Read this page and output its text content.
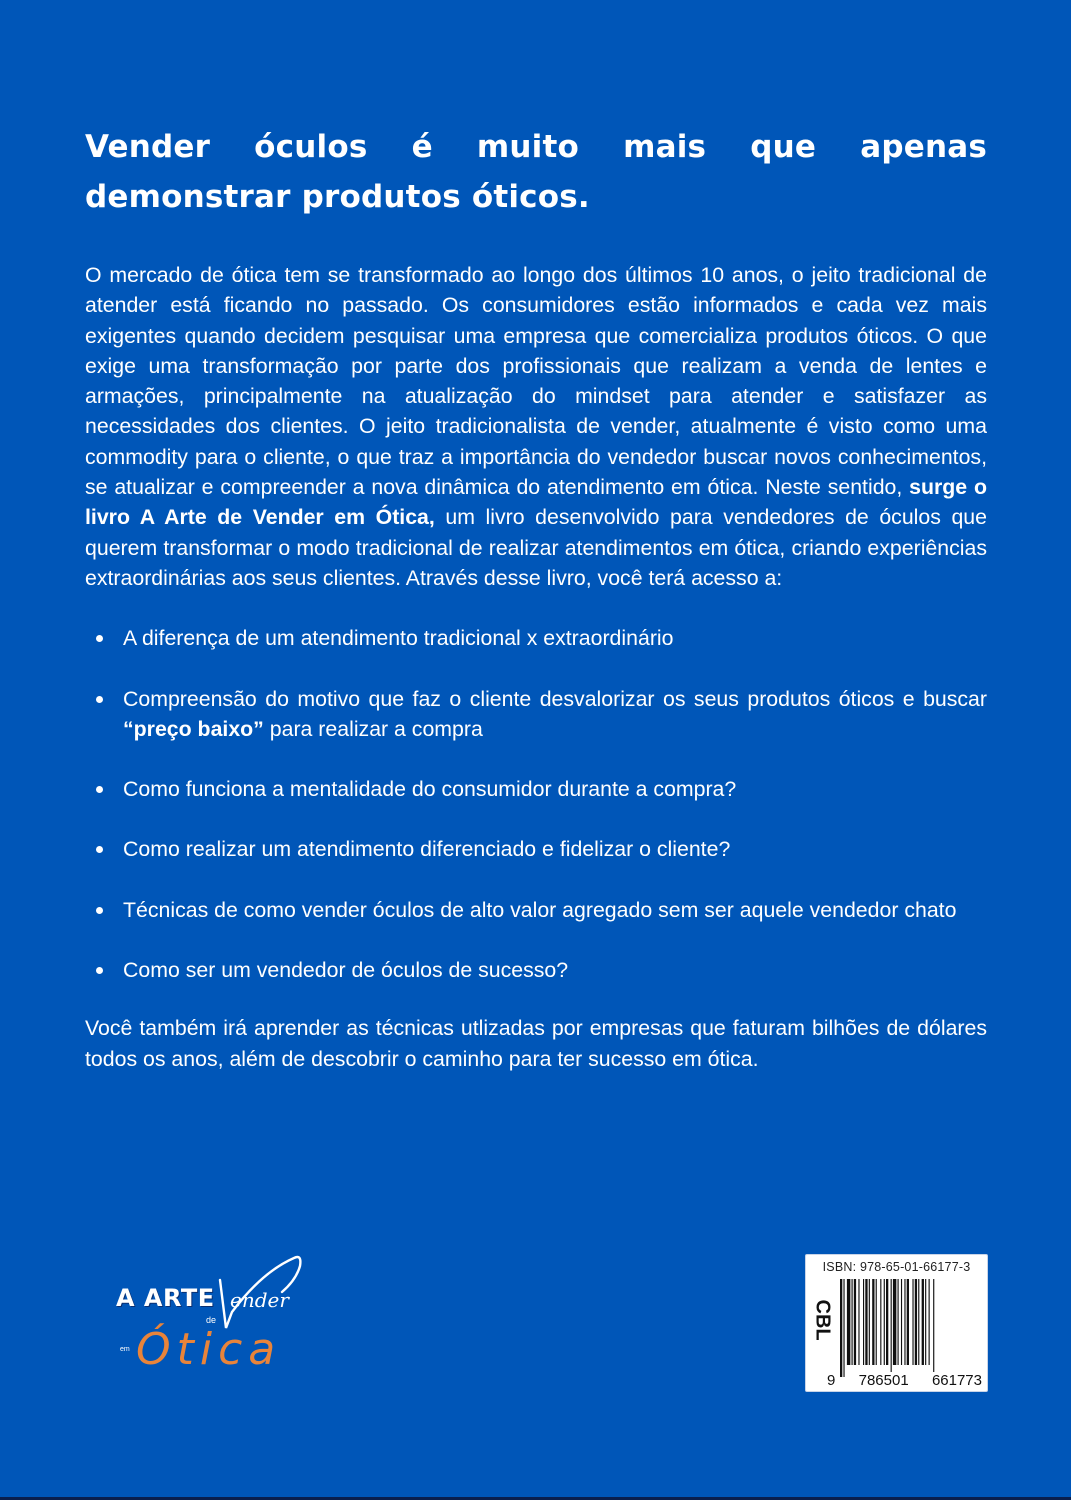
Vender óculos é muito mais que apenas demonstrar produtos óticos.

O mercado de ótica tem se transformado ao longo dos últimos 10 anos, o jeito tradicional de atender está ficando no passado. Os consumidores estão informados e cada vez mais exigentes quando decidem pesquisar uma empresa que comercializa produtos óticos. O que exige uma transformação por parte dos profissionais que realizam a venda de lentes e armações, principalmente na atualização do mindset para atender e satisfazer as necessidades dos clientes. O jeito tradicionalista de vender, atualmente é visto como uma commodity para o cliente, o que traz a importância do vendedor buscar novos conhecimentos, se atualizar e compreender a nova dinâmica do atendimento em ótica. Neste sentido, surge o livro A Arte de Vender em Ótica, um livro desenvolvido para vendedores de óculos que querem transformar o modo tradicional de realizar atendimentos em ótica, criando experiências extraordinárias aos seus clientes. Através desse livro, você terá acesso a:

A diferença de um atendimento tradicional x extraordinário
Compreensão do motivo que faz o cliente desvalorizar os seus produtos óticos e buscar “preço baixo” para realizar a compra
Como funciona a mentalidade do consumidor durante a compra?
Como realizar um atendimento diferenciado e fidelizar o cliente?
Técnicas de como vender óculos de alto valor agregado sem ser aquele vendedor chato
Como ser um vendedor de óculos de sucesso?

Você também irá aprender as técnicas utlizadas por empresas que faturam bilhões de dólares todos os anos, além de descobrir o caminho para ter sucesso em ótica.

A ARTE
de
ender
em Ótica
ISBN: 978-65-01-66177-3
CBL
9 786501 661773
